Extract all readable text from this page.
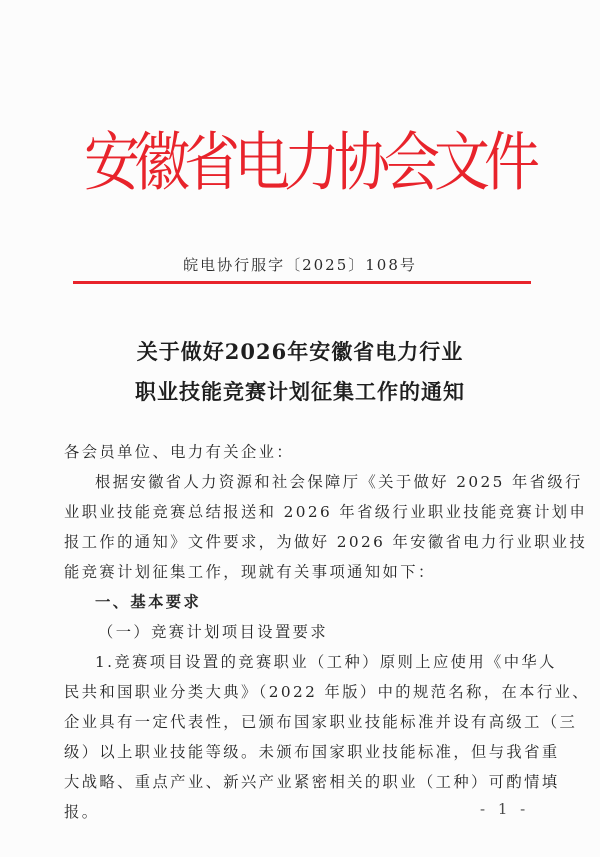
安
徽
省
电
力
协
会
文
件
皖电协行服字〔2025〕108号
关于做好2026年安徽省电力行业
职业技能竞赛计划征集工作的通知
各会员单位、电力有关企业：
根据安徽省人力资源和社会保障厅《关于做好 2025 年省级行
业职业技能竞赛总结报送和 2026 年省级行业职业技能竞赛计划申
报工作的通知》文件要求，为做好 2026 年安徽省电力行业职业技
能竞赛计划征集工作，现就有关事项通知如下：
一、基本要求
（一）竞赛计划项目设置要求
1.竞赛项目设置的竞赛职业（工种）原则上应使用《中华人
民共和国职业分类大典》（2022 年版）中的规范名称，在本行业、
企业具有一定代表性，已颁布国家职业技能标准并设有高级工（三
级）以上职业技能等级。未颁布国家职业技能标准，但与我省重
大战略、重点产业、新兴产业紧密相关的职业（工种）可酌情填
报。	- 1 -
